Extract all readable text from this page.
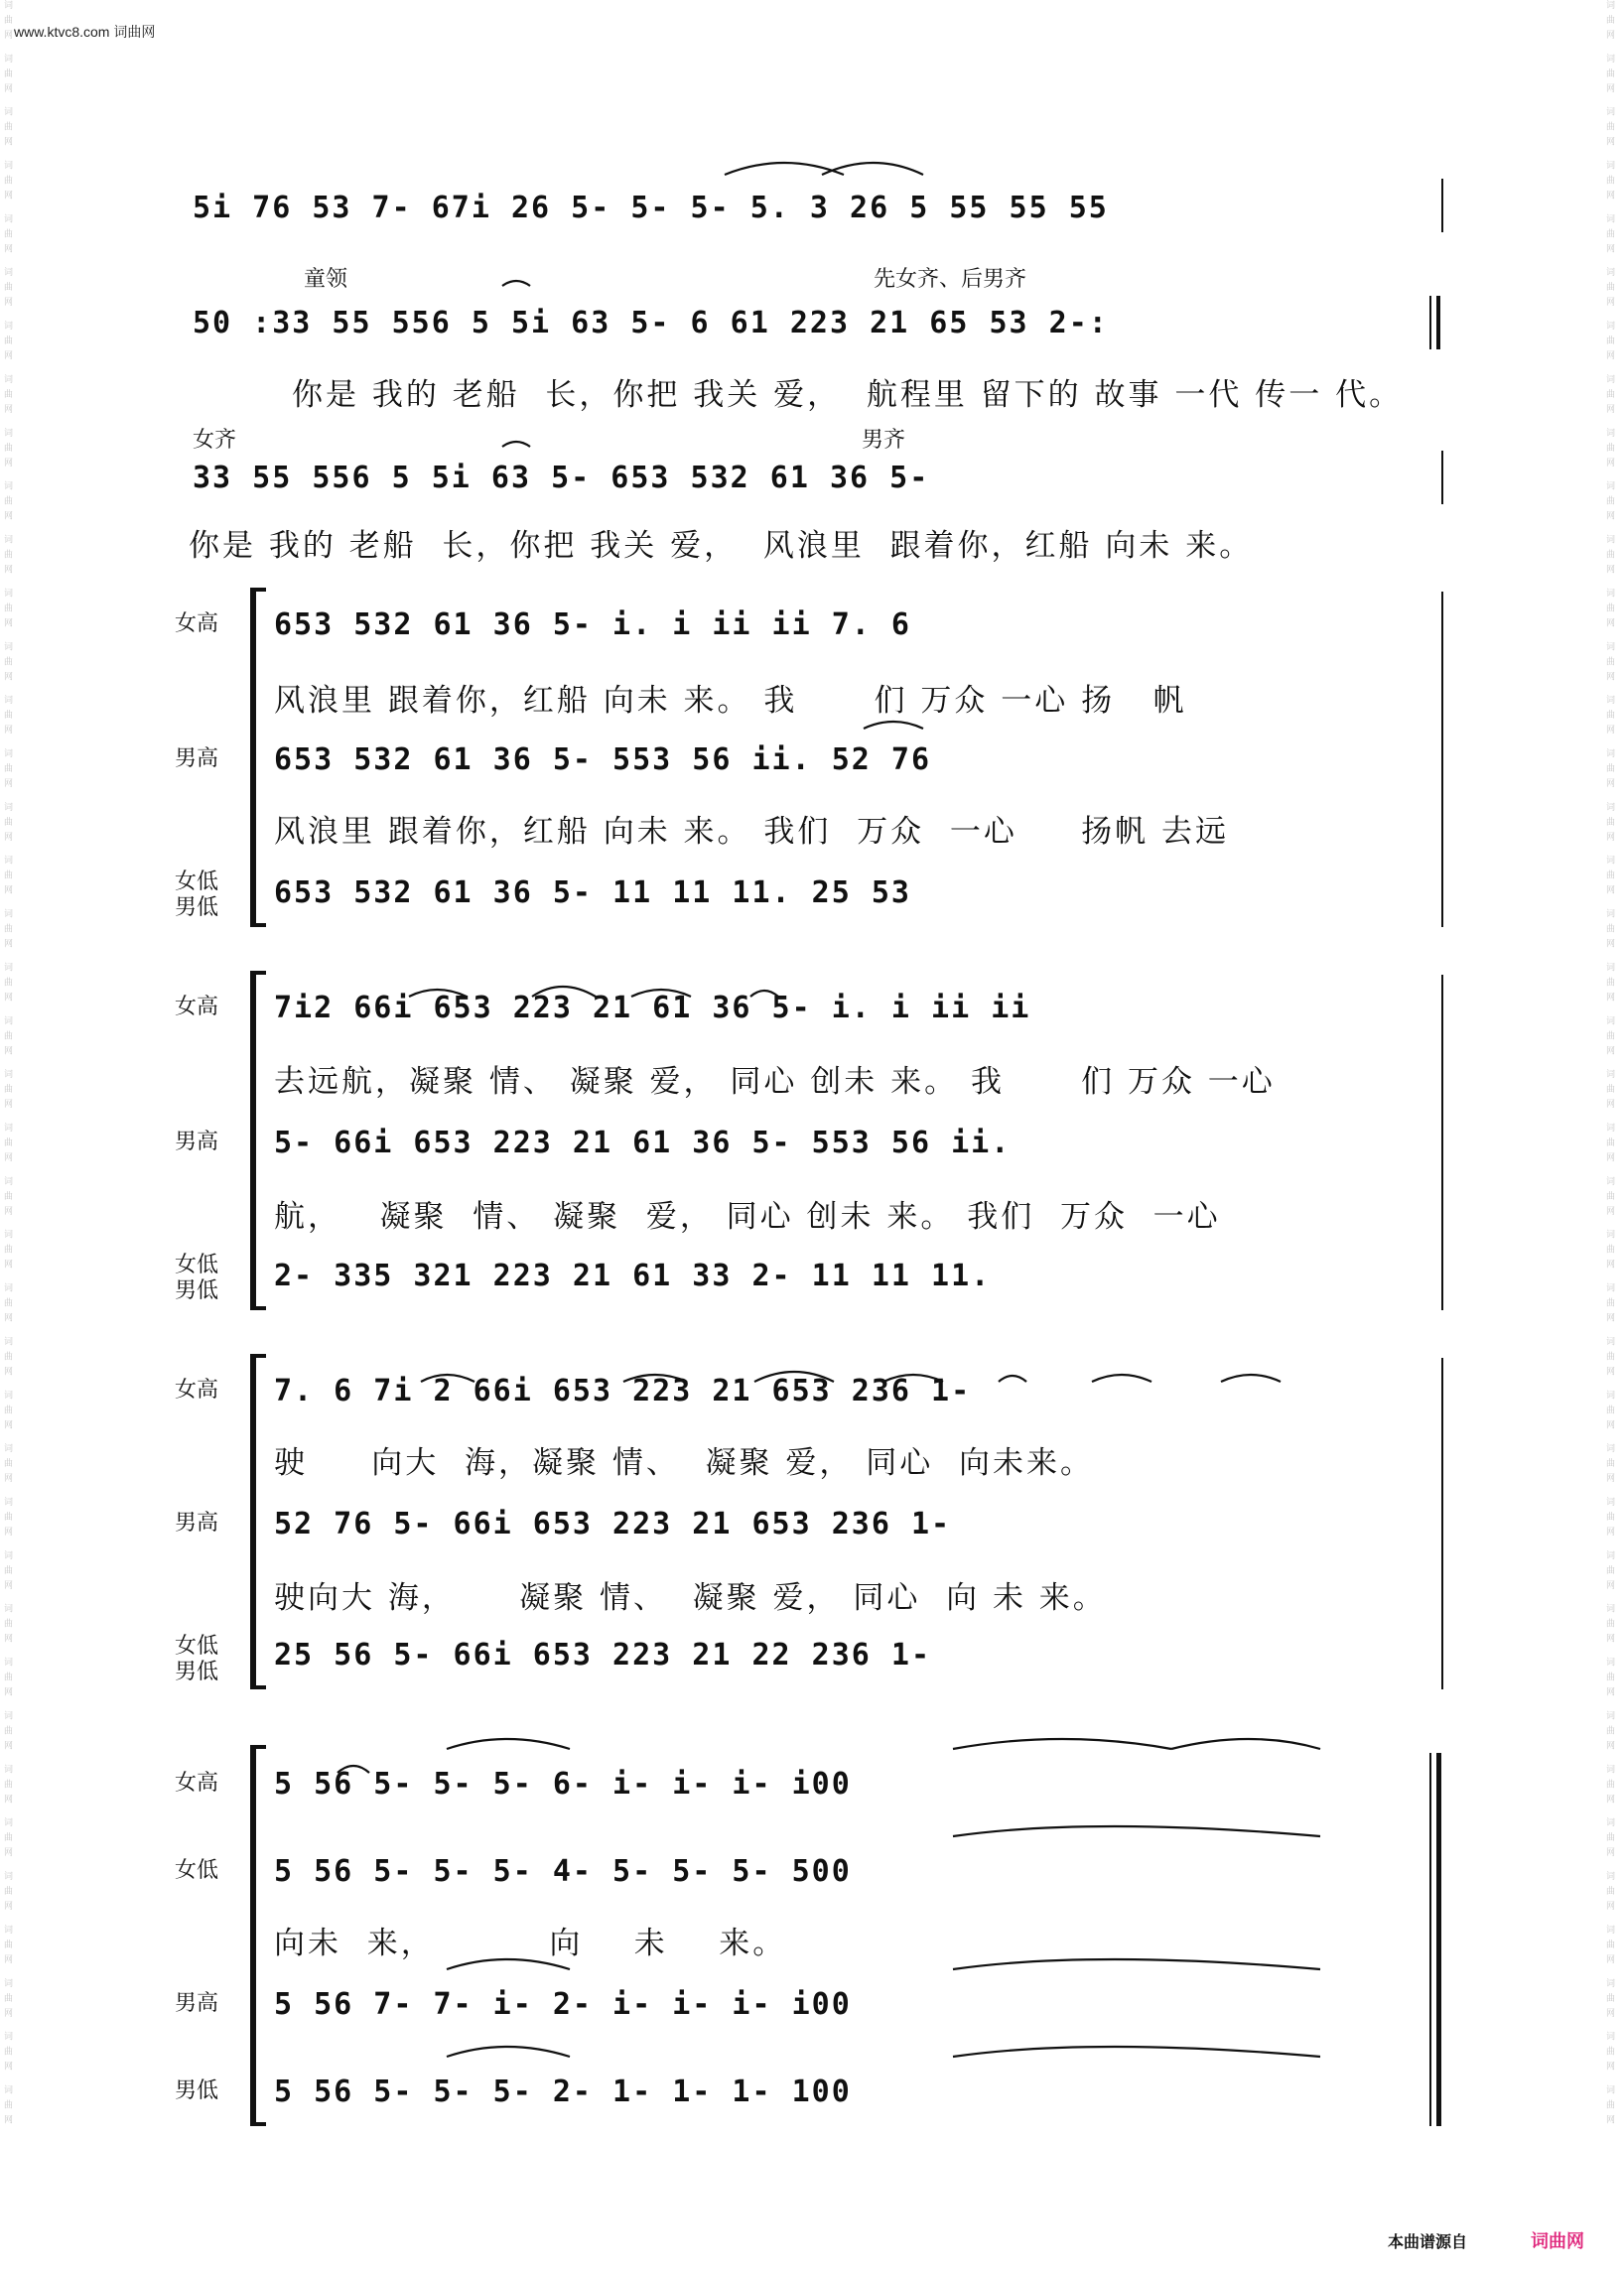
www.ktvc8.com 词曲网
词曲网 词曲网 词曲网 词曲网 词曲网 词曲网 词曲网 词曲网 词曲网 词曲网 词曲网 词曲网 词曲网 词曲网 词曲网 词曲网 词曲网 词曲网 词曲网 词曲网 词曲网 词曲网 词曲网 词曲网 词曲网 词曲网 词曲网 词曲网 词曲网 词曲网 词曲网 词曲网 词曲网 词曲网 词曲网 词曲网 词曲网 词曲网 词曲网 词曲网	词曲网 词曲网 词曲网 词曲网 词曲网 词曲网 词曲网 词曲网 词曲网 词曲网 词曲网 词曲网 词曲网 词曲网 词曲网 词曲网 词曲网 词曲网 词曲网 词曲网 词曲网 词曲网 词曲网 词曲网 词曲网 词曲网 词曲网 词曲网 词曲网 词曲网 词曲网 词曲网 词曲网 词曲网 词曲网 词曲网 词曲网 词曲网 词曲网 词曲网
5i 76 53 7- 67i 26 5- 5- 5- 5. 3 26 5 55 55 55
童领	先女齐、后男齐
50 :33 55 556 5 5i 63 5- 6 61 223 21 65 53 2-:
你是 我的 老船  长，你把 我关 爱，  航程里 留下的 故事 一代 传一 代。
女齐	男齐
33 55 556 5 5i 63 5- 653 532 61 36 5-
你是 我的 老船  长，你把 我关 爱，  风浪里  跟着你，红船 向未 来。
女高
男高
女低
男低
653 532 61 36 5- i. i ii ii 7. 6
风浪里 跟着你，红船 向未 来。 我      们 万众 一心 扬   帆
653 532 61 36 5- 553 56 ii. 52 76
风浪里 跟着你，红船 向未 来。 我们  万众  一心     扬帆 去远
653 532 61 36 5- 11 11 11. 25 53
女高
男高
女低
男低
7i2 66i 653 223 21 61 36 5- i. i ii ii
去远航，凝聚 情、 凝聚 爱， 同心 创未 来。 我      们 万众 一心
5- 66i 653 223 21 61 36 5- 553 56 ii.
航，   凝聚  情、 凝聚  爱， 同心 创未 来。 我们  万众  一心
2- 335 321 223 21 61 33 2- 11 11 11.
女高
男高
女低
男低
7. 6 7i 2 66i 653 223 21 653 236 1-
驶     向大  海，凝聚 情、  凝聚 爱， 同心  向未来。
52 76 5- 66i 653 223 21 653 236 1-
驶向大 海，     凝聚 情、  凝聚 爱， 同心  向 未 来。
25 56 5- 66i 653 223 21 22 236 1-
女高
女低
男高
男低
5 56 5- 5- 5- 6- i- i- i- i00
5 56 5- 5- 5- 4- 5- 5- 5- 500
向未  来，         向    未    来。
5 56 7- 7- i- 2- i- i- i- i00
5 56 5- 5- 5- 2- 1- 1- 1- 100
本曲谱源自	词曲网
